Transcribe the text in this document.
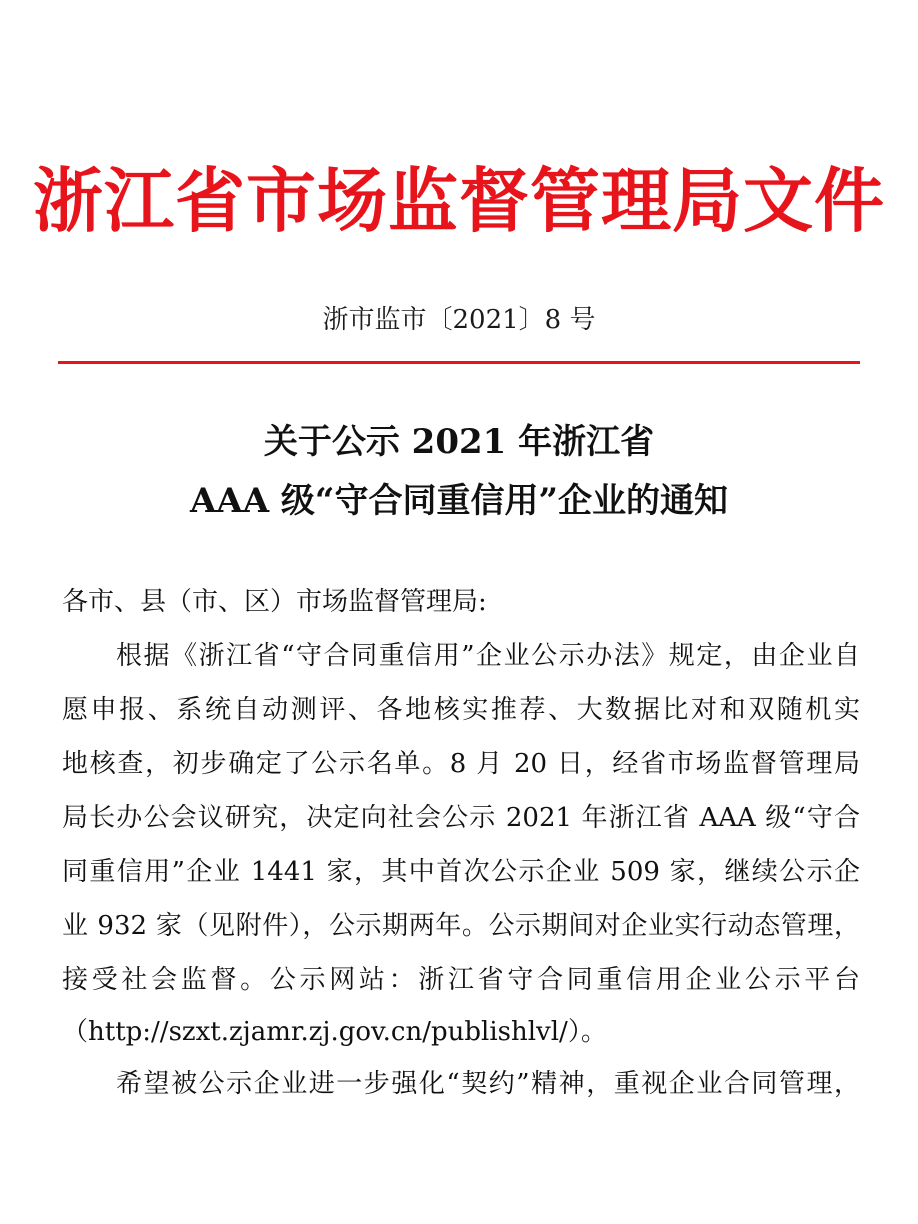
浙江省市场监督管理局文件
浙市监市〔2021〕8 号
关于公示 2021 年浙江省
AAA 级“守合同重信用”企业的通知
各市、县（市、区）市场监督管理局:
根据《浙江省“守合同重信用”企业公示办法》规定，由企业自
愿申报、系统自动测评、各地核实推荐、大数据比对和双随机实
地核查，初步确定了公示名单。8 月 20 日，经省市场监督管理局
局长办公会议研究，决定向社会公示 2021 年浙江省 AAA 级“守合
同重信用”企业 1441 家，其中首次公示企业 509 家，继续公示企
业 932 家（见附件），公示期两年。公示期间对企业实行动态管理，
接受社会监督。公示网站：浙江省守合同重信用企业公示平台
（http://szxt.zjamr.zj.gov.cn/publishlvl/）。
希望被公示企业进一步强化“契约”精神，重视企业合同管理，
